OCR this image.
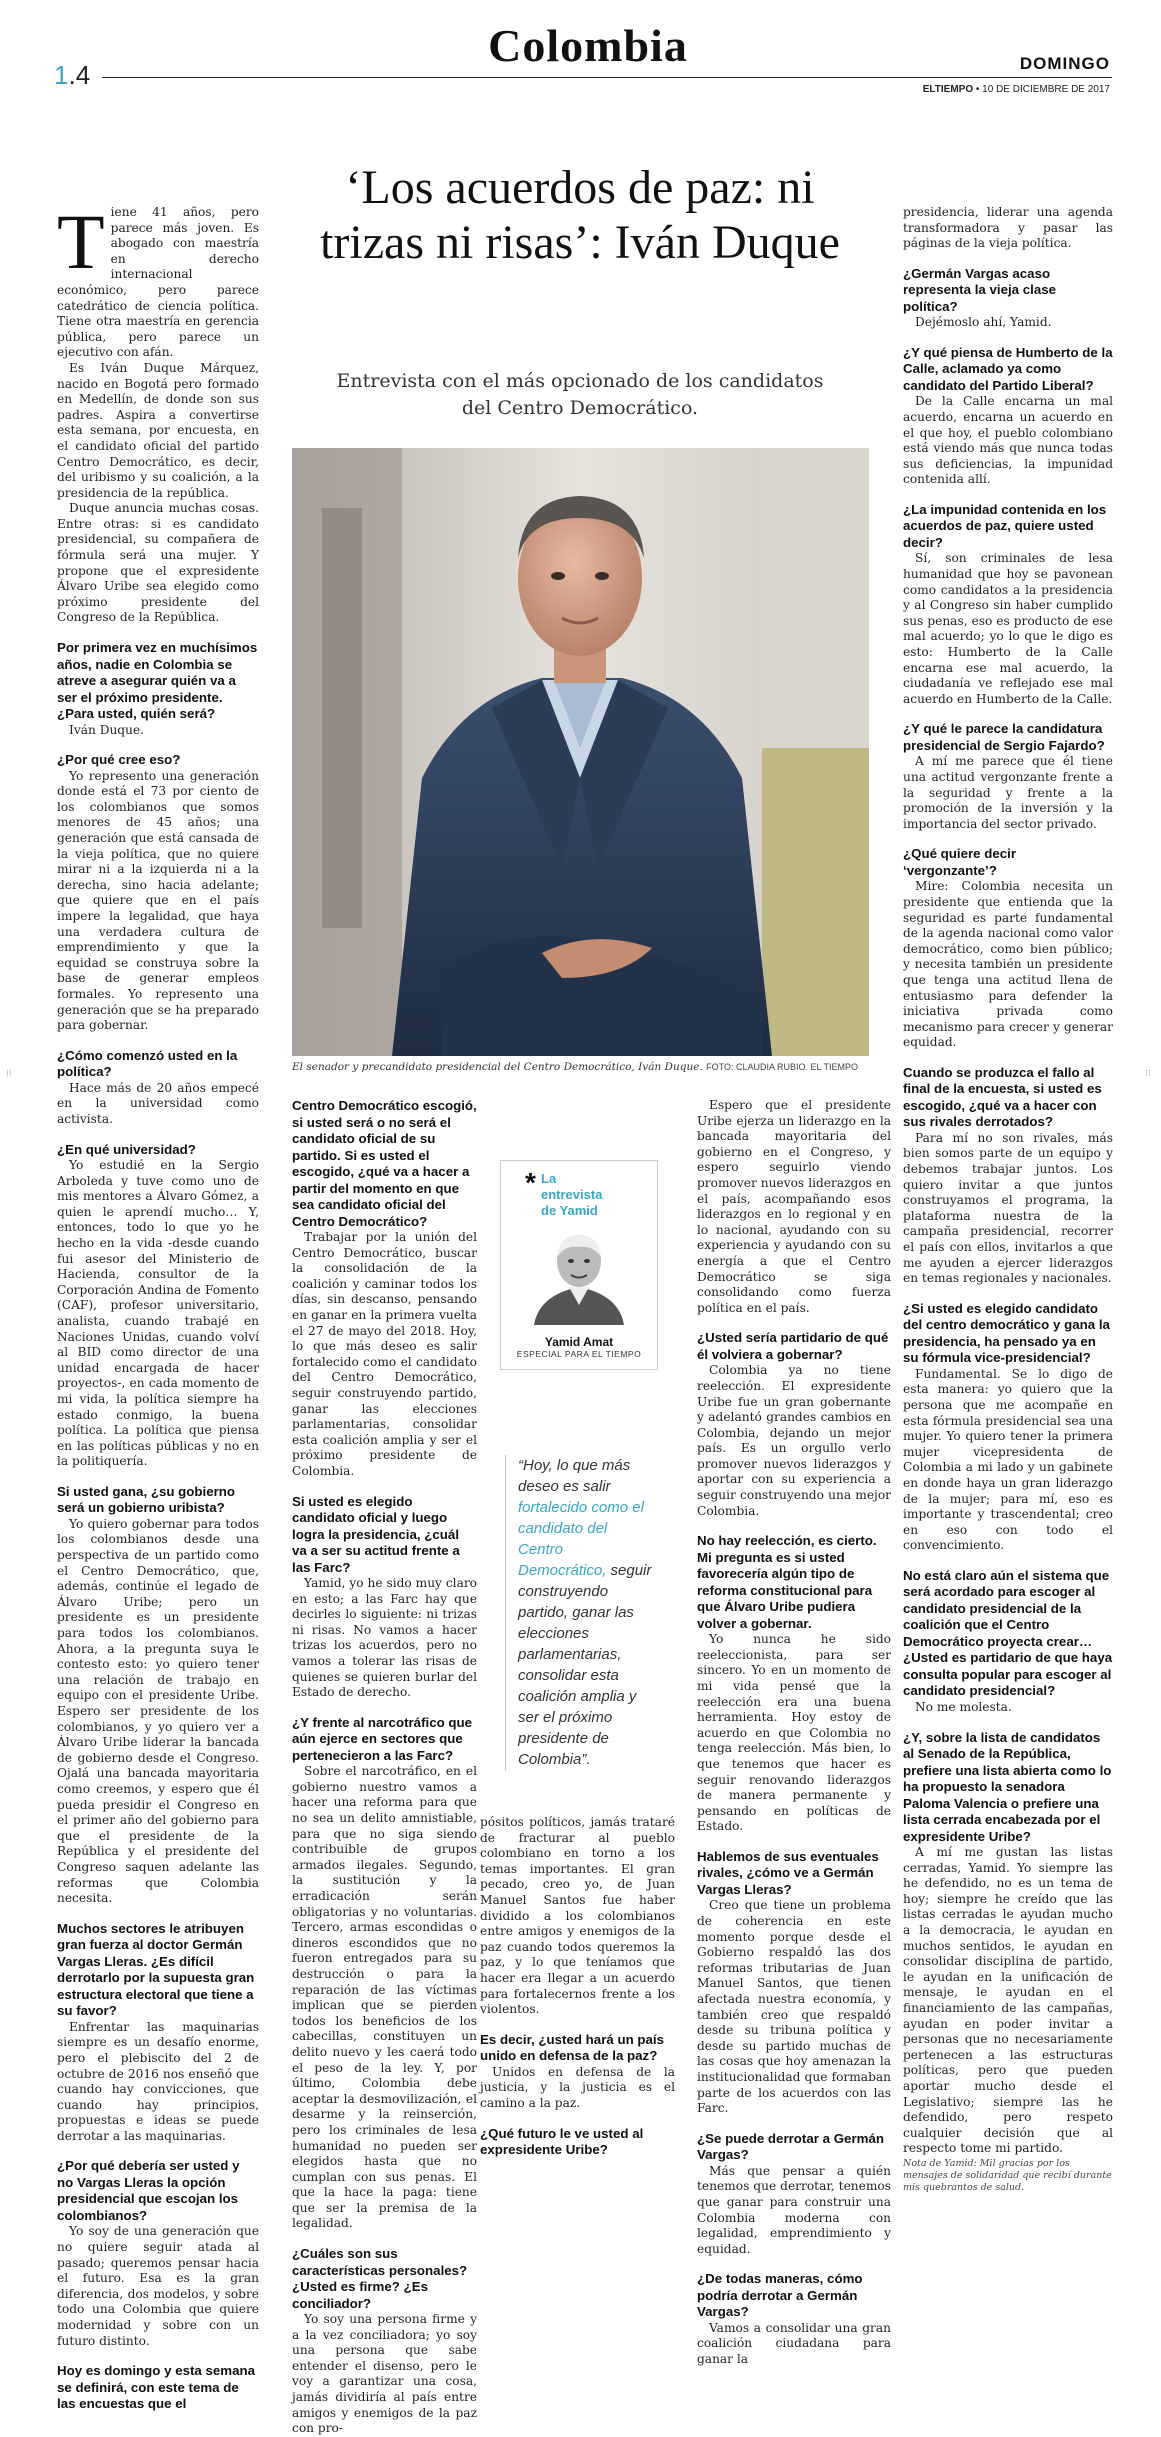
Colombia
1.4	DOMINGO
ELTIEMPO • 10 DE DICIEMBRE DE 2017
‘Los acuerdos de paz: ni trizas ni risas’: Iván Duque
Entrevista con el más opcionado de los candidatos del Centro Democrático.
El senador y precandidato presidencial del Centro Democrático, Iván Duque. FOTO: CLAUDIA RUBIO. EL TIEMPO
* La entrevista de Yamid
Yamid Amat
ESPECIAL PARA EL TIEMPO
“Hoy, lo que más deseo es salir fortalecido como el candidato del Centro Democrático, seguir construyendo partido, ganar las elecciones parlamentarias, consolidar esta coalición amplia y ser el próximo presidente de Colombia”.

Tiene 41 años, pero parece más joven. Es abogado con maestría en derecho internacional económico, pero parece catedrático de ciencia política. Tiene otra maestría en gerencia pública, pero parece un ejecutivo con afán.

Es Iván Duque Márquez, nacido en Bogotá pero formado en Medellín, de donde son sus padres. Aspira a convertirse esta semana, por encuesta, en el candidato oficial del partido Centro Democrático, es decir, del uribismo y su coalición, a la presidencia de la república.

Duque anuncia muchas cosas. Entre otras: si es candidato presidencial, su compañera de fórmula será una mujer. Y propone que el expresidente Álvaro Uribe sea elegido como próximo presidente del Congreso de la República.

Por primera vez en muchísimos años, nadie en Colombia se atreve a asegurar quién va a ser el próximo presidente. ¿Para usted, quién será?

Iván Duque.

¿Por qué cree eso?

Yo represento una generación donde está el 73 por ciento de los colombianos que somos menores de 45 años; una generación que está cansada de la vieja política, que no quiere mirar ni a la izquierda ni a la derecha, sino hacia adelante; que quiere que en el país impere la legalidad, que haya una verdadera cultura de emprendimiento y que la equidad se construya sobre la base de generar empleos formales. Yo represento una generación que se ha preparado para gobernar.

¿Cómo comenzó usted en la política?

Hace más de 20 años empecé en la universidad como activista.

¿En qué universidad?

Yo estudié en la Sergio Arboleda y tuve como uno de mis mentores a Álvaro Gómez, a quien le aprendí mucho… Y, entonces, todo lo que yo he hecho en la vida -desde cuando fui asesor del Ministerio de Hacienda, consultor de la Corporación Andina de Fomento (CAF), profesor universitario, analista, cuando trabajé en Naciones Unidas, cuando volví al BID como director de una unidad encargada de hacer proyectos-, en cada momento de mi vida, la política siempre ha estado conmigo, la buena política. La política que piensa en las políticas públicas y no en la politiquería.

Si usted gana, ¿su gobierno será un gobierno uribista?

Yo quiero gobernar para todos los colombianos desde una perspectiva de un partido como el Centro Democrático, que, además, continúe el legado de Álvaro Uribe; pero un presidente es un presidente para todos los colombianos. Ahora, a la pregunta suya le contesto esto: yo quiero tener una relación de trabajo en equipo con el presidente Uribe. Espero ser presidente de los colombianos, y yo quiero ver a Álvaro Uribe liderar la bancada de gobierno desde el Congreso. Ojalá una bancada mayoritaria como creemos, y espero que él pueda presidir el Congreso en el primer año del gobierno para que el presidente de la República y el presidente del Congreso saquen adelante las reformas que Colombia necesita.

Muchos sectores le atribuyen gran fuerza al doctor Germán Vargas Lleras. ¿Es difícil derrotarlo por la supuesta gran estructura electoral que tiene a su favor?

Enfrentar las maquinarias siempre es un desafío enorme, pero el plebiscito del 2 de octubre de 2016 nos enseñó que cuando hay convicciones, que cuando hay principios, propuestas e ideas se puede derrotar a las maquinarias.

¿Por qué debería ser usted y no Vargas Lleras la opción presidencial que escojan los colombianos?

Yo soy de una generación que no quiere seguir atada al pasado; queremos pensar hacia el futuro. Esa es la gran diferencia, dos modelos, y sobre todo una Colombia que quiere modernidad y sobre con un futuro distinto.

Hoy es domingo y esta semana se definirá, con este tema de las encuestas que el

Centro Democrático escogió, si usted será o no será el candidato oficial de su partido. Si es usted el escogido, ¿qué va a hacer a partir del momento en que sea candidato oficial del Centro Democrático?

Trabajar por la unión del Centro Democrático, buscar la consolidación de la coalición y caminar todos los días, sin descanso, pensando en ganar en la primera vuelta el 27 de mayo del 2018. Hoy, lo que más deseo es salir fortalecido como el candidato del Centro Democrático, seguir construyendo partido, ganar las elecciones parlamentarias, consolidar esta coalición amplia y ser el próximo presidente de Colombia.

Si usted es elegido candidato oficial y luego logra la presidencia, ¿cuál va a ser su actitud frente a las Farc?

Yamid, yo he sido muy claro en esto; a las Farc hay que decirles lo siguiente: ni trizas ni risas. No vamos a hacer trizas los acuerdos, pero no vamos a tolerar las risas de quienes se quieren burlar del Estado de derecho.

¿Y frente al narcotráfico que aún ejerce en sectores que pertenecieron a las Farc?

Sobre el narcotráfico, en el gobierno nuestro vamos a hacer una reforma para que no sea un delito amnistiable, para que no siga siendo contribuible de grupos armados ilegales. Segundo, la sustitución y la erradicación serán obligatorias y no voluntarias. Tercero, armas escondidas o dineros escondidos que no fueron entregados para su destrucción o para la reparación de las víctimas implican que se pierden todos los beneficios de los cabecillas, constituyen un delito nuevo y les caerá todo el peso de la ley. Y, por último, Colombia debe aceptar la desmovilización, el desarme y la reinserción, pero los criminales de lesa humanidad no pueden ser elegidos hasta que no cumplan con sus penas. El que la hace la paga: tiene que ser la premisa de la legalidad.

¿Cuáles son sus características personales? ¿Usted es firme? ¿Es conciliador?

Yo soy una persona firme y a la vez conciliadora; yo soy una persona que sabe entender el disenso, pero le voy a garantizar una cosa, jamás dividiría al país entre amigos y enemigos de la paz con pro-

pósitos políticos, jamás trataré de fracturar al pueblo colombiano en torno a los temas importantes. El gran pecado, creo yo, de Juan Manuel Santos fue haber dividido a los colombianos entre amigos y enemigos de la paz cuando todos queremos la paz, y lo que teníamos que hacer era llegar a un acuerdo para fortalecernos frente a los violentos.

Es decir, ¿usted hará un país unido en defensa de la paz?

Unidos en defensa de la justicia, y la justicia es el camino a la paz.

¿Qué futuro le ve usted al expresidente Uribe?

Espero que el presidente Uribe ejerza un liderazgo en la bancada mayoritaria del gobierno en el Congreso, y espero seguirlo viendo promover nuevos liderazgos en el país, acompañando esos liderazgos en lo regional y en lo nacional, ayudando con su experiencia y ayudando con su energía a que el Centro Democrático se siga consolidando como fuerza política en el país.

¿Usted sería partidario de qué él volviera a gobernar?

Colombia ya no tiene reelección. El expresidente Uribe fue un gran gobernante y adelantó grandes cambios en Colombia, dejando un mejor país. Es un orgullo verlo promover nuevos liderazgos y aportar con su experiencia a seguir construyendo una mejor Colombia.

No hay reelección, es cierto. Mi pregunta es si usted favorecería algún tipo de reforma constitucional para que Álvaro Uribe pudiera volver a gobernar.

Yo nunca he sido reeleccionista, para ser sincero. Yo en un momento de mi vida pensé que la reelección era una buena herramienta. Hoy estoy de acuerdo en que Colombia no tenga reelección. Más bien, lo que tenemos que hacer es seguir renovando liderazgos de manera permanente y pensando en políticas de Estado.

Hablemos de sus eventuales rivales, ¿cómo ve a Germán Vargas Lleras?

Creo que tiene un problema de coherencia en este momento porque desde el Gobierno respaldó las dos reformas tributarias de Juan Manuel Santos, que tienen afectada nuestra economía, y también creo que respaldó desde su tribuna política y desde su partido muchas de las cosas que hoy amenazan la institucionalidad que formaban parte de los acuerdos con las Farc.

¿Se puede derrotar a Germán Vargas?

Más que pensar a quién tenemos que derrotar, tenemos que ganar para construir una Colombia moderna con legalidad, emprendimiento y equidad.

¿De todas maneras, cómo podría derrotar a Germán Vargas?

Vamos a consolidar una gran coalición ciudadana para ganar la

presidencia, liderar una agenda transformadora y pasar las páginas de la vieja política.

¿Germán Vargas acaso representa la vieja clase política?

Dejémoslo ahí, Yamid.

¿Y qué piensa de Humberto de la Calle, aclamado ya como candidato del Partido Liberal?

De la Calle encarna un mal acuerdo, encarna un acuerdo en el que hoy, el pueblo colombiano está viendo más que nunca todas sus deficiencias, la impunidad contenida allí.

¿La impunidad contenida en los acuerdos de paz, quiere usted decir?

Sí, son criminales de lesa humanidad que hoy se pavonean como candidatos a la presidencia y al Congreso sin haber cumplido sus penas, eso es producto de ese mal acuerdo; yo lo que le digo es esto: Humberto de la Calle encarna ese mal acuerdo, la ciudadanía ve reflejado ese mal acuerdo en Humberto de la Calle.

¿Y qué le parece la candidatura presidencial de Sergio Fajardo?

A mí me parece que él tiene una actitud vergonzante frente a la seguridad y frente a la promoción de la inversión y la importancia del sector privado.

¿Qué quiere decir ‘vergonzante’?

Mire: Colombia necesita un presidente que entienda que la seguridad es parte fundamental de la agenda nacional como valor democrático, como bien público; y necesita también un presidente que tenga una actitud llena de entusiasmo para defender la iniciativa privada como mecanismo para crecer y generar equidad.

Cuando se produzca el fallo al final de la encuesta, si usted es escogido, ¿qué va a hacer con sus rivales derrotados?

Para mí no son rivales, más bien somos parte de un equipo y debemos trabajar juntos. Los quiero invitar a que juntos construyamos el programa, la plataforma nuestra de la campaña presidencial, recorrer el país con ellos, invitarlos a que me ayuden a ejercer liderazgos en temas regionales y nacionales.

¿Si usted es elegido candidato del centro democrático y gana la presidencia, ha pensado ya en su fórmula vice-presidencial?

Fundamental. Se lo digo de esta manera: yo quiero que la persona que me acompañe en esta fórmula presidencial sea una mujer. Yo quiero tener la primera mujer vicepresidenta de Colombia a mi lado y un gabinete en donde haya un gran liderazgo de la mujer; para mí, eso es importante y trascendental; creo en eso con todo el convencimiento.

No está claro aún el sistema que será acordado para escoger al candidato presidencial de la coalición que el Centro Democrático proyecta crear… ¿Usted es partidario de que haya consulta popular para escoger al candidato presidencial?

No me molesta.

¿Y, sobre la lista de candidatos al Senado de la República, prefiere una lista abierta como lo ha propuesto la senadora Paloma Valencia o prefiere una lista cerrada encabezada por el expresidente Uribe?

A mí me gustan las listas cerradas, Yamid. Yo siempre las he defendido, no es un tema de hoy; siempre he creído que las listas cerradas le ayudan mucho a la democracia, le ayudan en muchos sentidos, le ayudan en consolidar disciplina de partido, le ayudan en la unificación de mensaje, le ayudan en el financiamiento de las campañas, ayudan en poder invitar a personas que no necesariamente pertenecen a las estructuras políticas, pero que pueden aportar mucho desde el Legislativo; siempre las he defendido, pero respeto cualquier decisión que al respecto tome mi partido.

Nota de Yamid: Mil gracias por los mensajes de solidaridad que recibí durante mis quebrantos de salud.
⁝⁝	⁝⁝
